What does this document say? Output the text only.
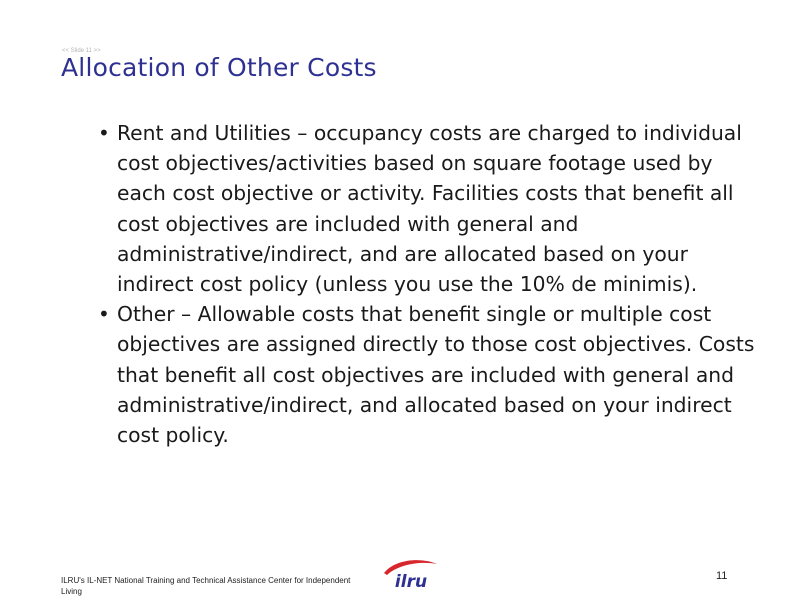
<< Slide 11 >>
Allocation of Other Costs
• Rent and Utilities – occupancy costs are charged to individual cost objectives/activities based on square footage used by each cost objective or activity. Facilities costs that benefit all cost objectives are included with general and administrative/indirect, and are allocated based on your indirect cost policy (unless you use the 10% de minimis).
• Other – Allowable costs that benefit single or multiple cost objectives are assigned directly to those cost objectives. Costs that benefit all cost objectives are included with general and administrative/indirect, and allocated based on your indirect cost policy.
ILRU's IL-NET National Training and Technical Assistance Center for Independent Living	ilru	11
